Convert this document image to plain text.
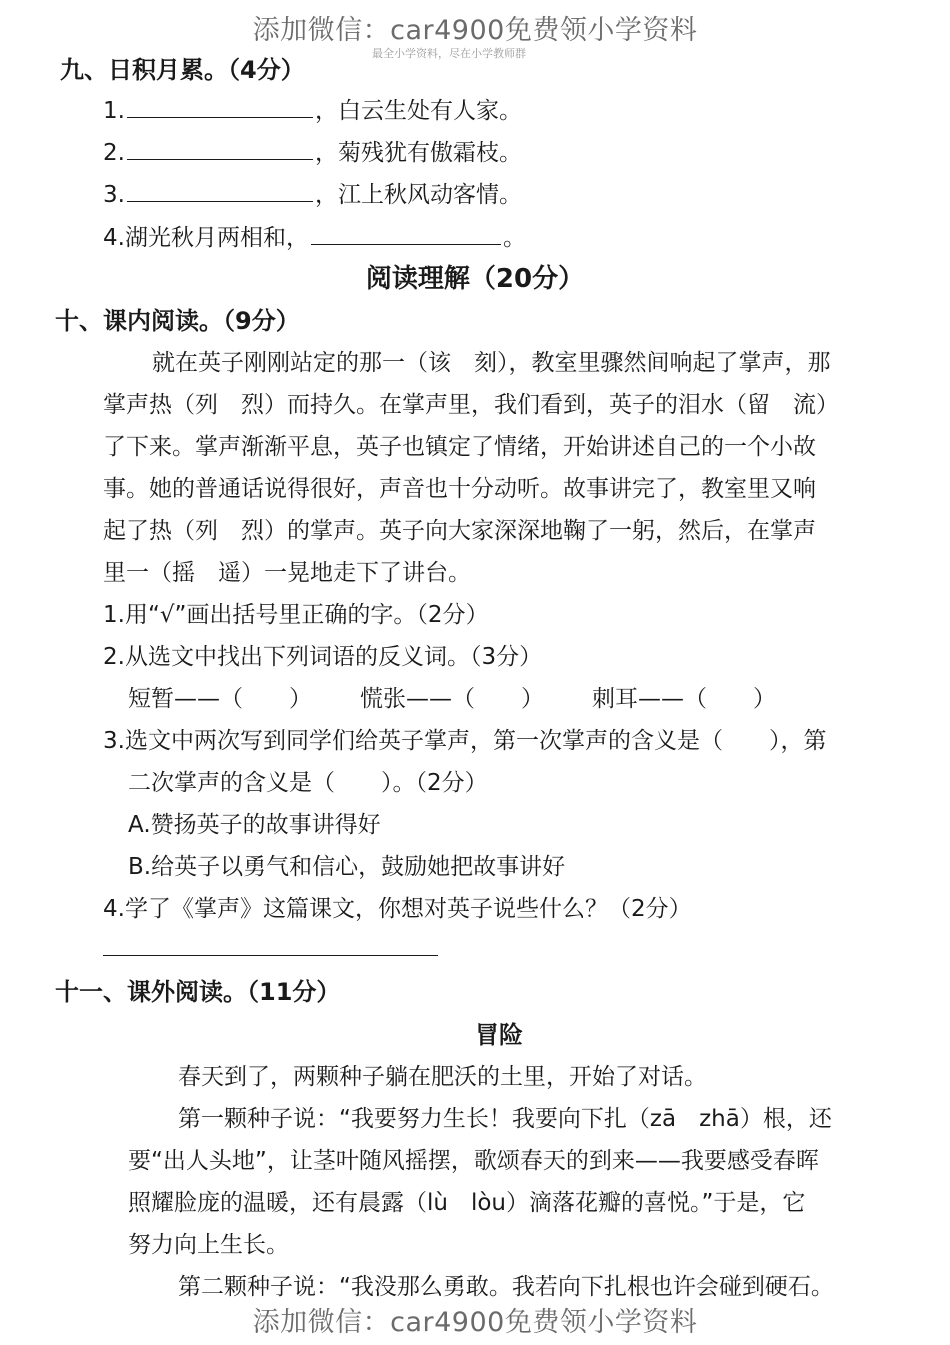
添加微信：car4900免费领小学资料
最全小学资料，尽在小学教师群
九、日积月累。（4分）
1.	，白云生处有人家。
2.	，菊残犹有傲霜枝。
3.	，江上秋风动客情。
4.湖光秋月两相和，	。
阅读理解（20分）
十、课内阅读。（9分）
就在英子刚刚站定的那一（该　刻），教室里骤然间响起了掌声，那
掌声热（列　烈）而持久。在掌声里，我们看到，英子的泪水（留　流）
了下来。掌声渐渐平息，英子也镇定了情绪，开始讲述自己的一个小故
事。她的普通话说得很好，声音也十分动听。故事讲完了，教室里又响
起了热（列　烈）的掌声。英子向大家深深地鞠了一躬，然后，在掌声
里一（摇　遥）一晃地走下了讲台。
1.用“√”画出括号里正确的字。（2分）
2.从选文中找出下列词语的反义词。（3分）
短暂——（　　） 慌张——（　　） 刺耳——（　　）
3.选文中两次写到同学们给英子掌声，第一次掌声的含义是（　　），第
二次掌声的含义是（　　）。（2分）
A.赞扬英子的故事讲得好
B.给英子以勇气和信心，鼓励她把故事讲好
4.学了《掌声》这篇课文，你想对英子说些什么？（2分）
十一、课外阅读。（11分）
冒险
春天到了，两颗种子躺在肥沃的土里，开始了对话。
第一颗种子说：“我要努力生长！我要向下扎（zā　zhā）根，还
要“出人头地”，让茎叶随风摇摆，歌颂春天的到来——我要感受春晖
照耀脸庞的温暖，还有晨露（lù　lòu）滴落花瓣的喜悦。”于是，它
努力向上生长。
第二颗种子说：“我没那么勇敢。我若向下扎根也许会碰到硬石。
添加微信：car4900免费领小学资料
